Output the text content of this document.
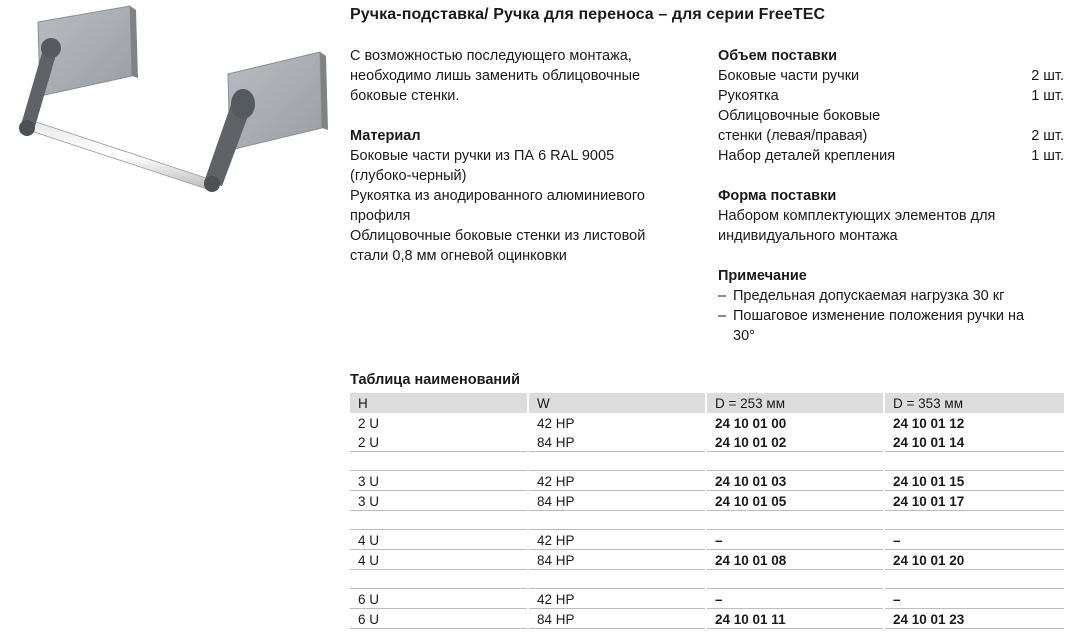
Ручка-подставка/ Ручка для переноса – для серии FreeTEC
С возможностью последующего монтажа,
необходимо лишь заменить облицовочные
боковые стенки.
Материал
Боковые части ручки из ПА 6 RAL 9005
(глубоко-черный)
Рукоятка из анодированного алюминиевого
профиля
Облицовочные боковые стенки из листовой
стали 0,8 мм огневой оцинковки
Объем поставки
Боковые части ручки	2 шт.
Рукоятка	1 шт.
Облицовочные боковые
стенки (левая/правая)	2 шт.
Набор деталей крепления	1 шт.
Форма поставки
Набором комплектующих элементов для
индивидуального монтажа
Примечание
– Предельная допускаемая нагрузка 30 кг
– Пошаговое изменение положения ручки на
30°
Таблица наименований
H	W	D = 253 мм	D = 353 мм
2 U	42 HP	24 10 01 00	24 10 01 12
2 U	84 HP	24 10 01 02	24 10 01 14

3 U	42 HP	24 10 01 03	24 10 01 15
3 U	84 HP	24 10 01 05	24 10 01 17

4 U	42 HP	–	–
4 U	84 HP	24 10 01 08	24 10 01 20

6 U	42 HP	–	–
6 U	84 HP	24 10 01 11	24 10 01 23
